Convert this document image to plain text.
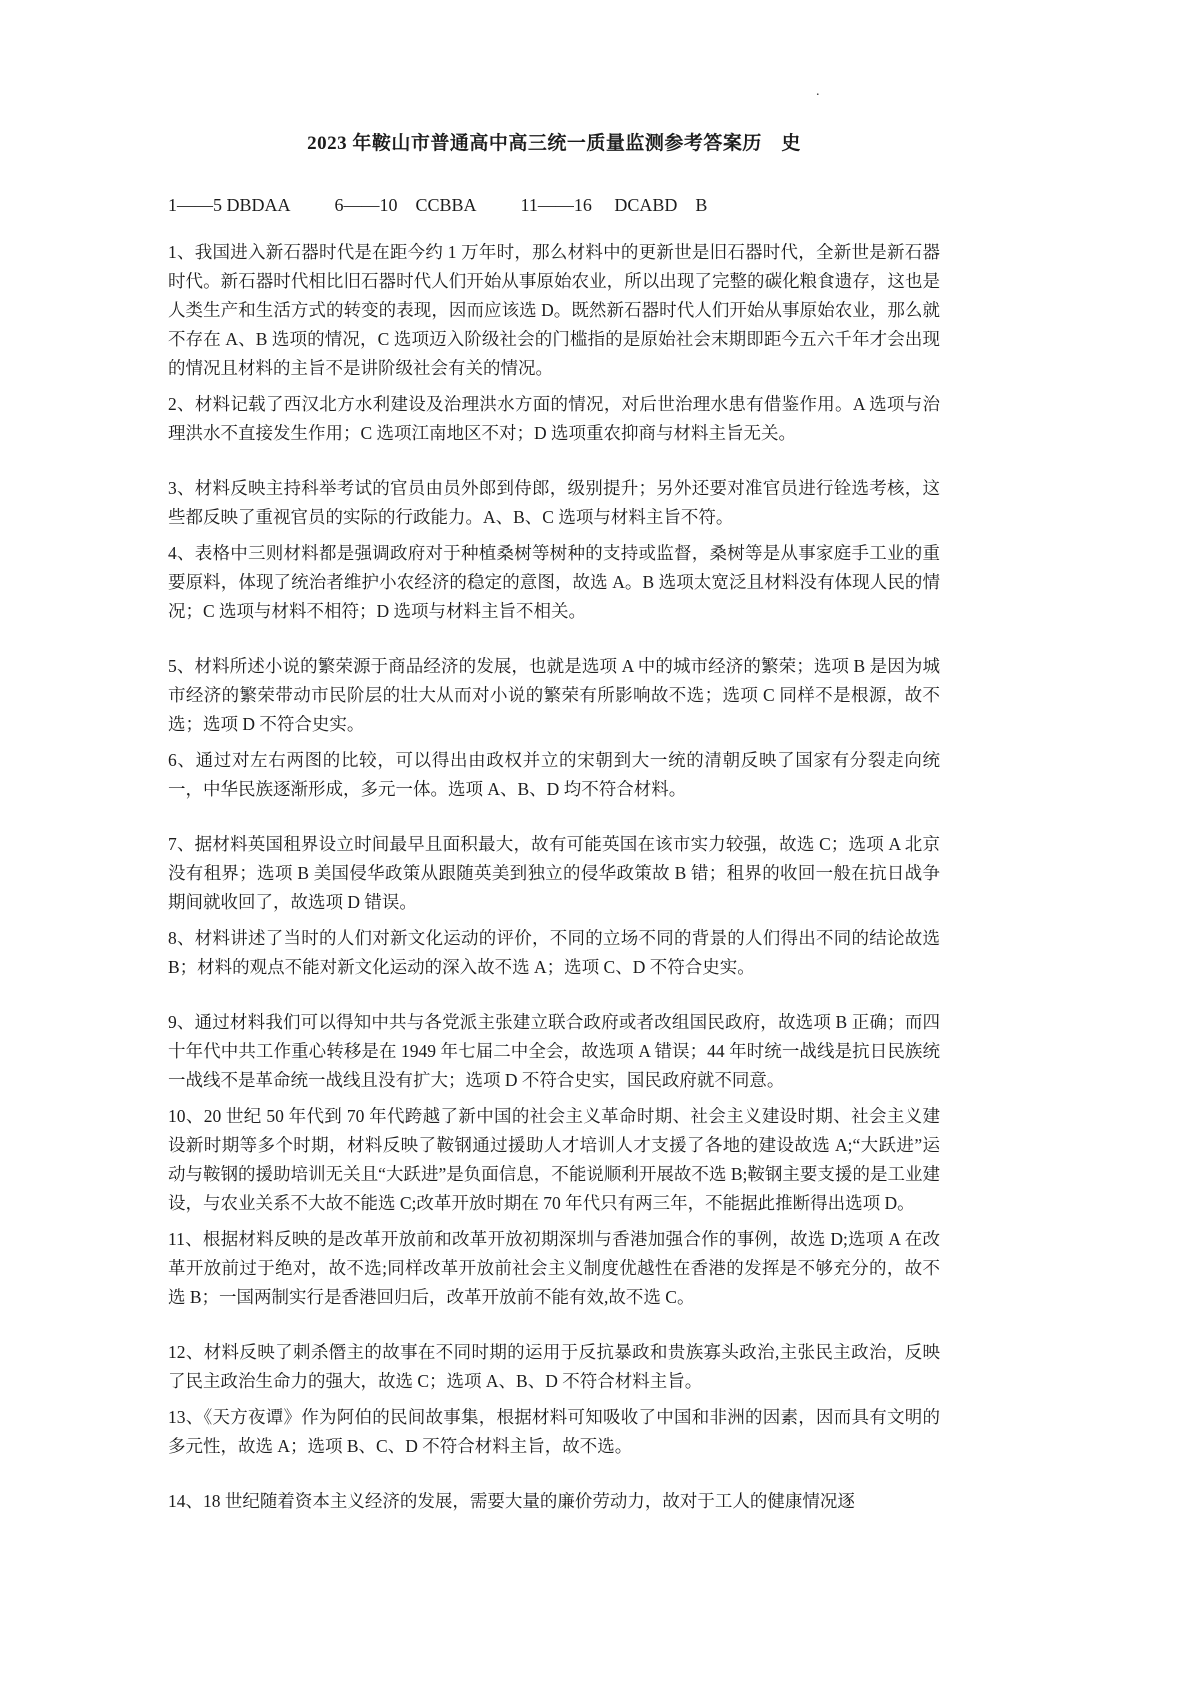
.
2023 年鞍山市普通高中高三统一质量监测参考答案历　史
1——5 DBDAA          6——10    CCBBA          11——16     DCABD    B

1、我国进入新石器时代是在距今约 1 万年时，那么材料中的更新世是旧石器时代，全新世是新石器时代。新石器时代相比旧石器时代人们开始从事原始农业，所以出现了完整的碳化粮食遗存，这也是人类生产和生活方式的转变的表现，因而应该选 D。既然新石器时代人们开始从事原始农业，那么就不存在 A、B 选项的情况，C 选项迈入阶级社会的门槛指的是原始社会末期即距今五六千年才会出现的情况且材料的主旨不是讲阶级社会有关的情况。

2、材料记载了西汉北方水利建设及治理洪水方面的情况，对后世治理水患有借鉴作用。A 选项与治理洪水不直接发生作用；C 选项江南地区不对；D 选项重农抑商与材料主旨无关。

3、材料反映主持科举考试的官员由员外郎到侍郎，级别提升；另外还要对准官员进行铨选考核，这些都反映了重视官员的实际的行政能力。A、B、C 选项与材料主旨不符。

4、表格中三则材料都是强调政府对于种植桑树等树种的支持或监督，桑树等是从事家庭手工业的重要原料，体现了统治者维护小农经济的稳定的意图，故选 A。B 选项太宽泛且材料没有体现人民的情况；C 选项与材料不相符；D 选项与材料主旨不相关。

5、材料所述小说的繁荣源于商品经济的发展，也就是选项 A 中的城市经济的繁荣；选项 B 是因为城市经济的繁荣带动市民阶层的壮大从而对小说的繁荣有所影响故不选；选项 C 同样不是根源，故不选；选项 D 不符合史实。

6、通过对左右两图的比较，可以得出由政权并立的宋朝到大一统的清朝反映了国家有分裂走向统一，中华民族逐渐形成，多元一体。选项 A、B、D 均不符合材料。

7、据材料英国租界设立时间最早且面积最大，故有可能英国在该市实力较强，故选 C；选项 A 北京没有租界；选项 B 美国侵华政策从跟随英美到独立的侵华政策故 B 错；租界的收回一般在抗日战争期间就收回了，故选项 D 错误。

8、材料讲述了当时的人们对新文化运动的评价，不同的立场不同的背景的人们得出不同的结论故选 B；材料的观点不能对新文化运动的深入故不选 A；选项 C、D 不符合史实。

9、通过材料我们可以得知中共与各党派主张建立联合政府或者改组国民政府，故选项 B 正确；而四十年代中共工作重心转移是在 1949 年七届二中全会，故选项 A 错误；44 年时统一战线是抗日民族统一战线不是革命统一战线且没有扩大；选项 D 不符合史实，国民政府就不同意。

10、20 世纪 50 年代到 70 年代跨越了新中国的社会主义革命时期、社会主义建设时期、社会主义建设新时期等多个时期，材料反映了鞍钢通过援助人才培训人才支援了各地的建设故选 A;“大跃进”运动与鞍钢的援助培训无关且“大跃进”是负面信息，不能说顺利开展故不选 B;鞍钢主要支援的是工业建设，与农业关系不大故不能选 C;改革开放时期在 70 年代只有两三年，不能据此推断得出选项 D。

11、根据材料反映的是改革开放前和改革开放初期深圳与香港加强合作的事例，故选 D;选项 A 在改革开放前过于绝对，故不选;同样改革开放前社会主义制度优越性在香港的发挥是不够充分的，故不选 B；一国两制实行是香港回归后，改革开放前不能有效,故不选 C。

12、材料反映了刺杀僭主的故事在不同时期的运用于反抗暴政和贵族寡头政治,主张民主政治，反映了民主政治生命力的强大，故选 C；选项 A、B、D 不符合材料主旨。

13、《天方夜谭》作为阿伯的民间故事集，根据材料可知吸收了中国和非洲的因素，因而具有文明的多元性，故选 A；选项 B、C、D 不符合材料主旨，故不选。

14、18 世纪随着资本主义经济的发展，需要大量的廉价劳动力，故对于工人的健康情况逐
